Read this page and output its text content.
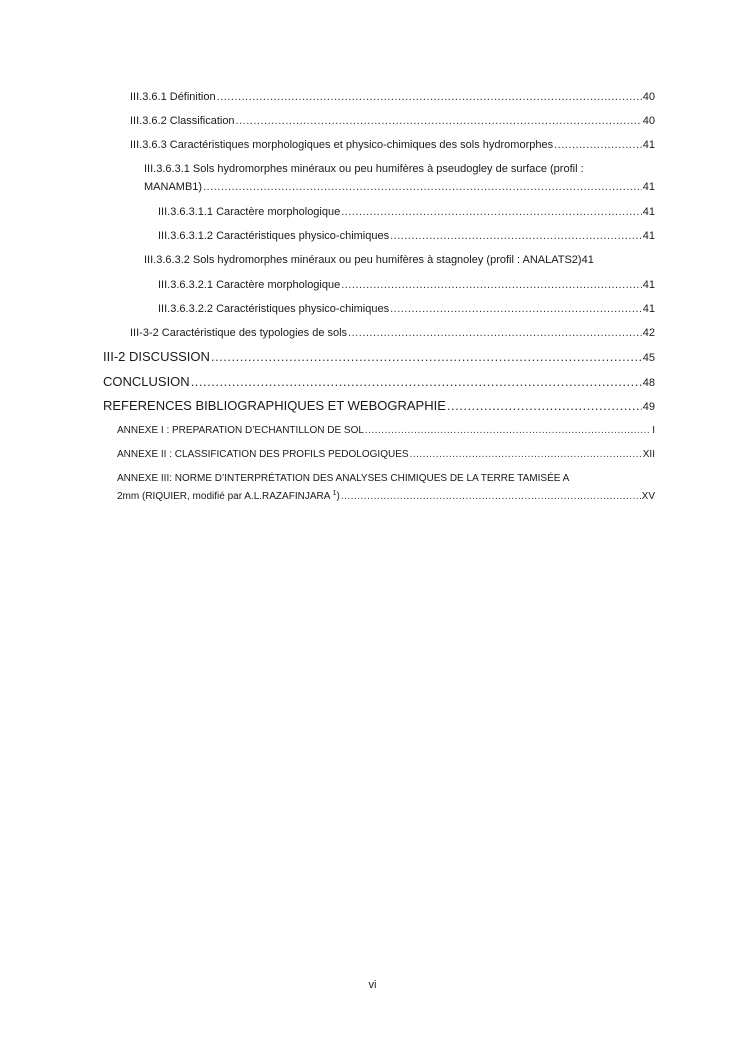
III.3.6.1 Définition .....	40
III.3.6.2 Classification .....	40
III.3.6.3 Caractéristiques morphologiques et physico-chimiques des sols hydromorphes .....	41
III.3.6.3.1 Sols hydromorphes minéraux ou peu humifères à pseudogley de surface (profil :
MANAMB1) .....	41
III.3.6.3.1.1 Caractère morphologique .....	41
III.3.6.3.1.2 Caractéristiques physico-chimiques .....	41
III.3.6.3.2 Sols hydromorphes minéraux ou peu humifères à stagnoley (profil : ANALATS2) 41
III.3.6.3.2.1 Caractère morphologique .....	41
III.3.6.3.2.2 Caractéristiques physico-chimiques .....	41
III-3-2 Caractéristique des typologies de sols .....	42
III-2 DISCUSSION .....	45
CONCLUSION .....	48
REFERENCES BIBLIOGRAPHIQUES ET WEBOGRAPHIE .....	49
ANNEXE I : PREPARATION D’ECHANTILLON DE SOL .....	I
ANNEXE II : CLASSIFICATION DES PROFILS PEDOLOGIQUES .....	XII
ANNEXE III: NORME D’INTERPRÉTATION DES ANALYSES CHIMIQUES DE LA TERRE TAMISÉE A
2mm (RIQUIER, modifié par A.L.RAZAFINJARA $^1$) .....	XV
vi
